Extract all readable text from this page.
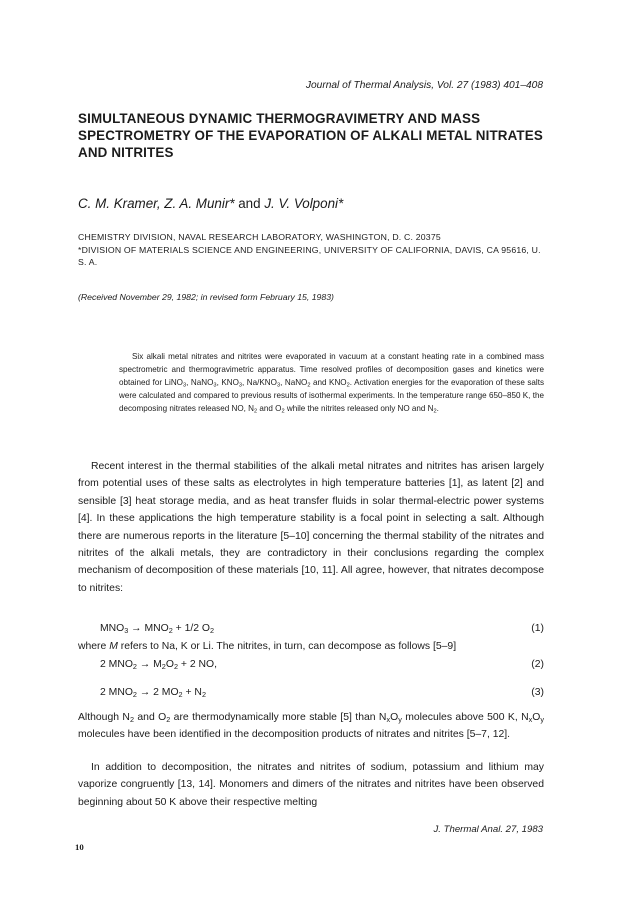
Journal of Thermal Analysis, Vol. 27 (1983) 401–408
SIMULTANEOUS DYNAMIC THERMOGRAVIMETRY AND MASS SPECTROMETRY OF THE EVAPORATION OF ALKALI METAL NITRATES AND NITRITES
C. M. Kramer, Z. A. Munir* and J. V. Volponi*
CHEMISTRY DIVISION, NAVAL RESEARCH LABORATORY, WASHINGTON, D. C. 20375
*DIVISION OF MATERIALS SCIENCE AND ENGINEERING, UNIVERSITY OF CALIFORNIA, DAVIS, CA 95616, U. S. A.
(Received November 29, 1982; in revised form February 15, 1983)

Six alkali metal nitrates and nitrites were evaporated in vacuum at a constant heating rate in a combined mass spectrometric and thermogravimetric apparatus. Time resolved profiles of decomposition gases and kinetics were obtained for LiNO$_3$, NaNO$_3$, $KNO_3$, $Na/KNO_3$, NaNO$_2$ and $KNO_2$. Activation energies for the evaporation of these salts were calculated and compared to previous results of isothermal experiments. In the temperature range 650–850 K, the decomposing nitrates released NO, $N_2$ and $O_2$ while the nitrites released only NO and $N_2$.

Recent interest in the thermal stabilities of the alkali metal nitrates and nitrites has arisen largely from potential uses of these salts as electrolytes in high temperature batteries [1], as latent [2] and sensible [3] heat storage media, and as heat transfer fluids in solar thermal-electric power systems [4]. In these applications the high temperature stability is a focal point in selecting a salt. Although there are numerous reports in the literature [5–10] concerning the thermal stability of the nitrates and nitrites of the alkali metals, they are contradictory in their conclusions regarding the complex mechanism of decomposition of these materials [10, 11]. All agree, however, that nitrates decompose to nitrites:

$MNO_3 \to MNO_2 + 1/2$ $O_2$	(1)

where M refers to Na, K or Li. The nitrites, in turn, can decompose as follows [5–9]

2 $MNO_2 \to M_2O_2 + 2$ NO,	(2)
2 $MNO_2 \to 2$ $MO_2 + N_2$	(3)

Although $N_2$ and $O_2$ are thermodynamically more stable [5] than $N_xO_y$ molecules above 500 K, $N_xO_y$ molecules have been identified in the decomposition products of nitrates and nitrites [5–7, 12].

In addition to decomposition, the nitrates and nitrites of sodium, potassium and lithium may vaporize congruently [13, 14]. Monomers and dimers of the nitrates and nitrites have been observed beginning about 50 K above their respective melting

J. Thermal Anal. 27, 1983
10
